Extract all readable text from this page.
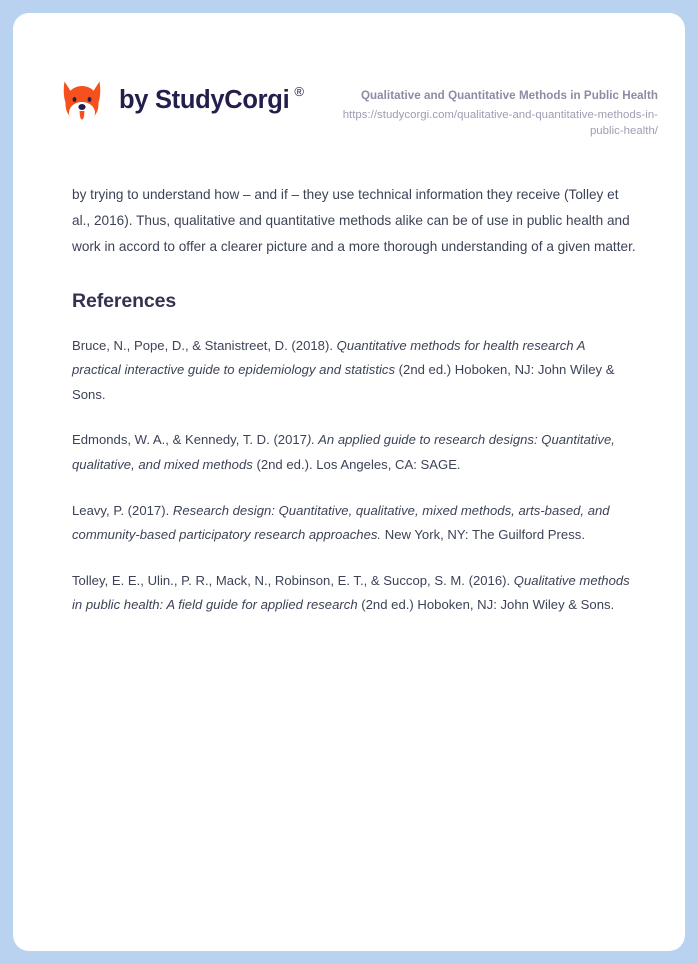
by StudyCorgi ®	Qualitative and Quantitative Methods in Public Health
https://studycorgi.com/qualitative-and-quantitative-methods-in-public-health/

by trying to understand how – and if – they use technical information they receive (Tolley et al., 2016). Thus, qualitative and quantitative methods alike can be of use in public health and work in accord to offer a clearer picture and a more thorough understanding of a given matter.

References

Bruce, N., Pope, D., & Stanistreet, D. (2018). Quantitative methods for health research A practical interactive guide to epidemiology and statistics (2nd ed.) Hoboken, NJ: John Wiley & Sons.

Edmonds, W. A., & Kennedy, T. D. (2017). An applied guide to research designs: Quantitative, qualitative, and mixed methods (2nd ed.). Los Angeles, CA: SAGE.

Leavy, P. (2017). Research design: Quantitative, qualitative, mixed methods, arts-based, and community-based participatory research approaches. New York, NY: The Guilford Press.

Tolley, E. E., Ulin., P. R., Mack, N., Robinson, E. T., & Succop, S. M. (2016). Qualitative methods in public health: A field guide for applied research (2nd ed.) Hoboken, NJ: John Wiley & Sons.
